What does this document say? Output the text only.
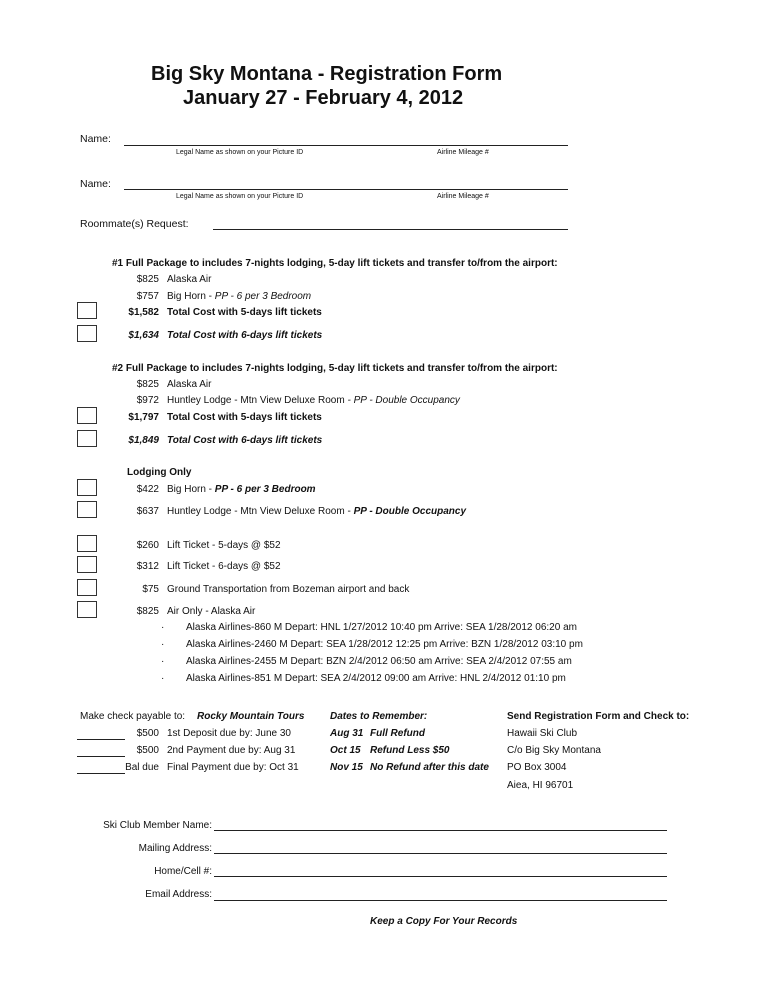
Big Sky Montana - Registration Form
January 27 - February 4, 2012
Name:
Legal Name as shown on your Picture ID	Airline Mileage #
Name:
Legal Name as shown on your Picture ID	Airline Mileage #
Roommate(s) Request:
#1 Full Package to includes 7-nights lodging, 5-day lift tickets and transfer to/from the airport:
$825 Alaska Air
$757 Big Horn - PP - 6 per 3 Bedroom
$1,582 Total Cost with 5-days lift tickets
$1,634 Total Cost with 6-days lift tickets
#2 Full Package to includes 7-nights lodging, 5-day lift tickets and transfer to/from the airport:
$825 Alaska Air
$972 Huntley Lodge - Mtn View Deluxe Room - PP - Double Occupancy
$1,797 Total Cost with 5-days lift tickets
$1,849 Total Cost with 6-days lift tickets
Lodging Only
$422 Big Horn - PP - 6 per 3 Bedroom
$637 Huntley Lodge - Mtn View Deluxe Room - PP - Double Occupancy
$260 Lift Ticket - 5-days @ $52
$312 Lift Ticket - 6-days @ $52
$75 Ground Transportation from Bozeman airport and back
$825 Air Only - Alaska Air
· Alaska Airlines-860 M Depart: HNL 1/27/2012 10:40 pm Arrive: SEA 1/28/2012 06:20 am
· Alaska Airlines-2460 M Depart: SEA 1/28/2012 12:25 pm Arrive: BZN 1/28/2012 03:10 pm
· Alaska Airlines-2455 M Depart: BZN 2/4/2012 06:50 am Arrive: SEA 2/4/2012 07:55 am
· Alaska Airlines-851 M Depart: SEA 2/4/2012 09:00 am Arrive: HNL 2/4/2012 01:10 pm
Make check payable to: Rocky Mountain Tours
$500 1st Deposit due by: June 30
$500 2nd Payment due by: Aug 31
Bal due Final Payment due by: Oct 31
Dates to Remember:
Aug 31 Full Refund
Oct 15 Refund Less $50
Nov 15 No Refund after this date
Send Registration Form and Check to:
Hawaii Ski Club
C/o Big Sky Montana
PO Box 3004
Aiea, HI 96701
Ski Club Member Name:
Mailing Address:
Home/Cell #:
Email Address:
Keep a Copy For Your Records
